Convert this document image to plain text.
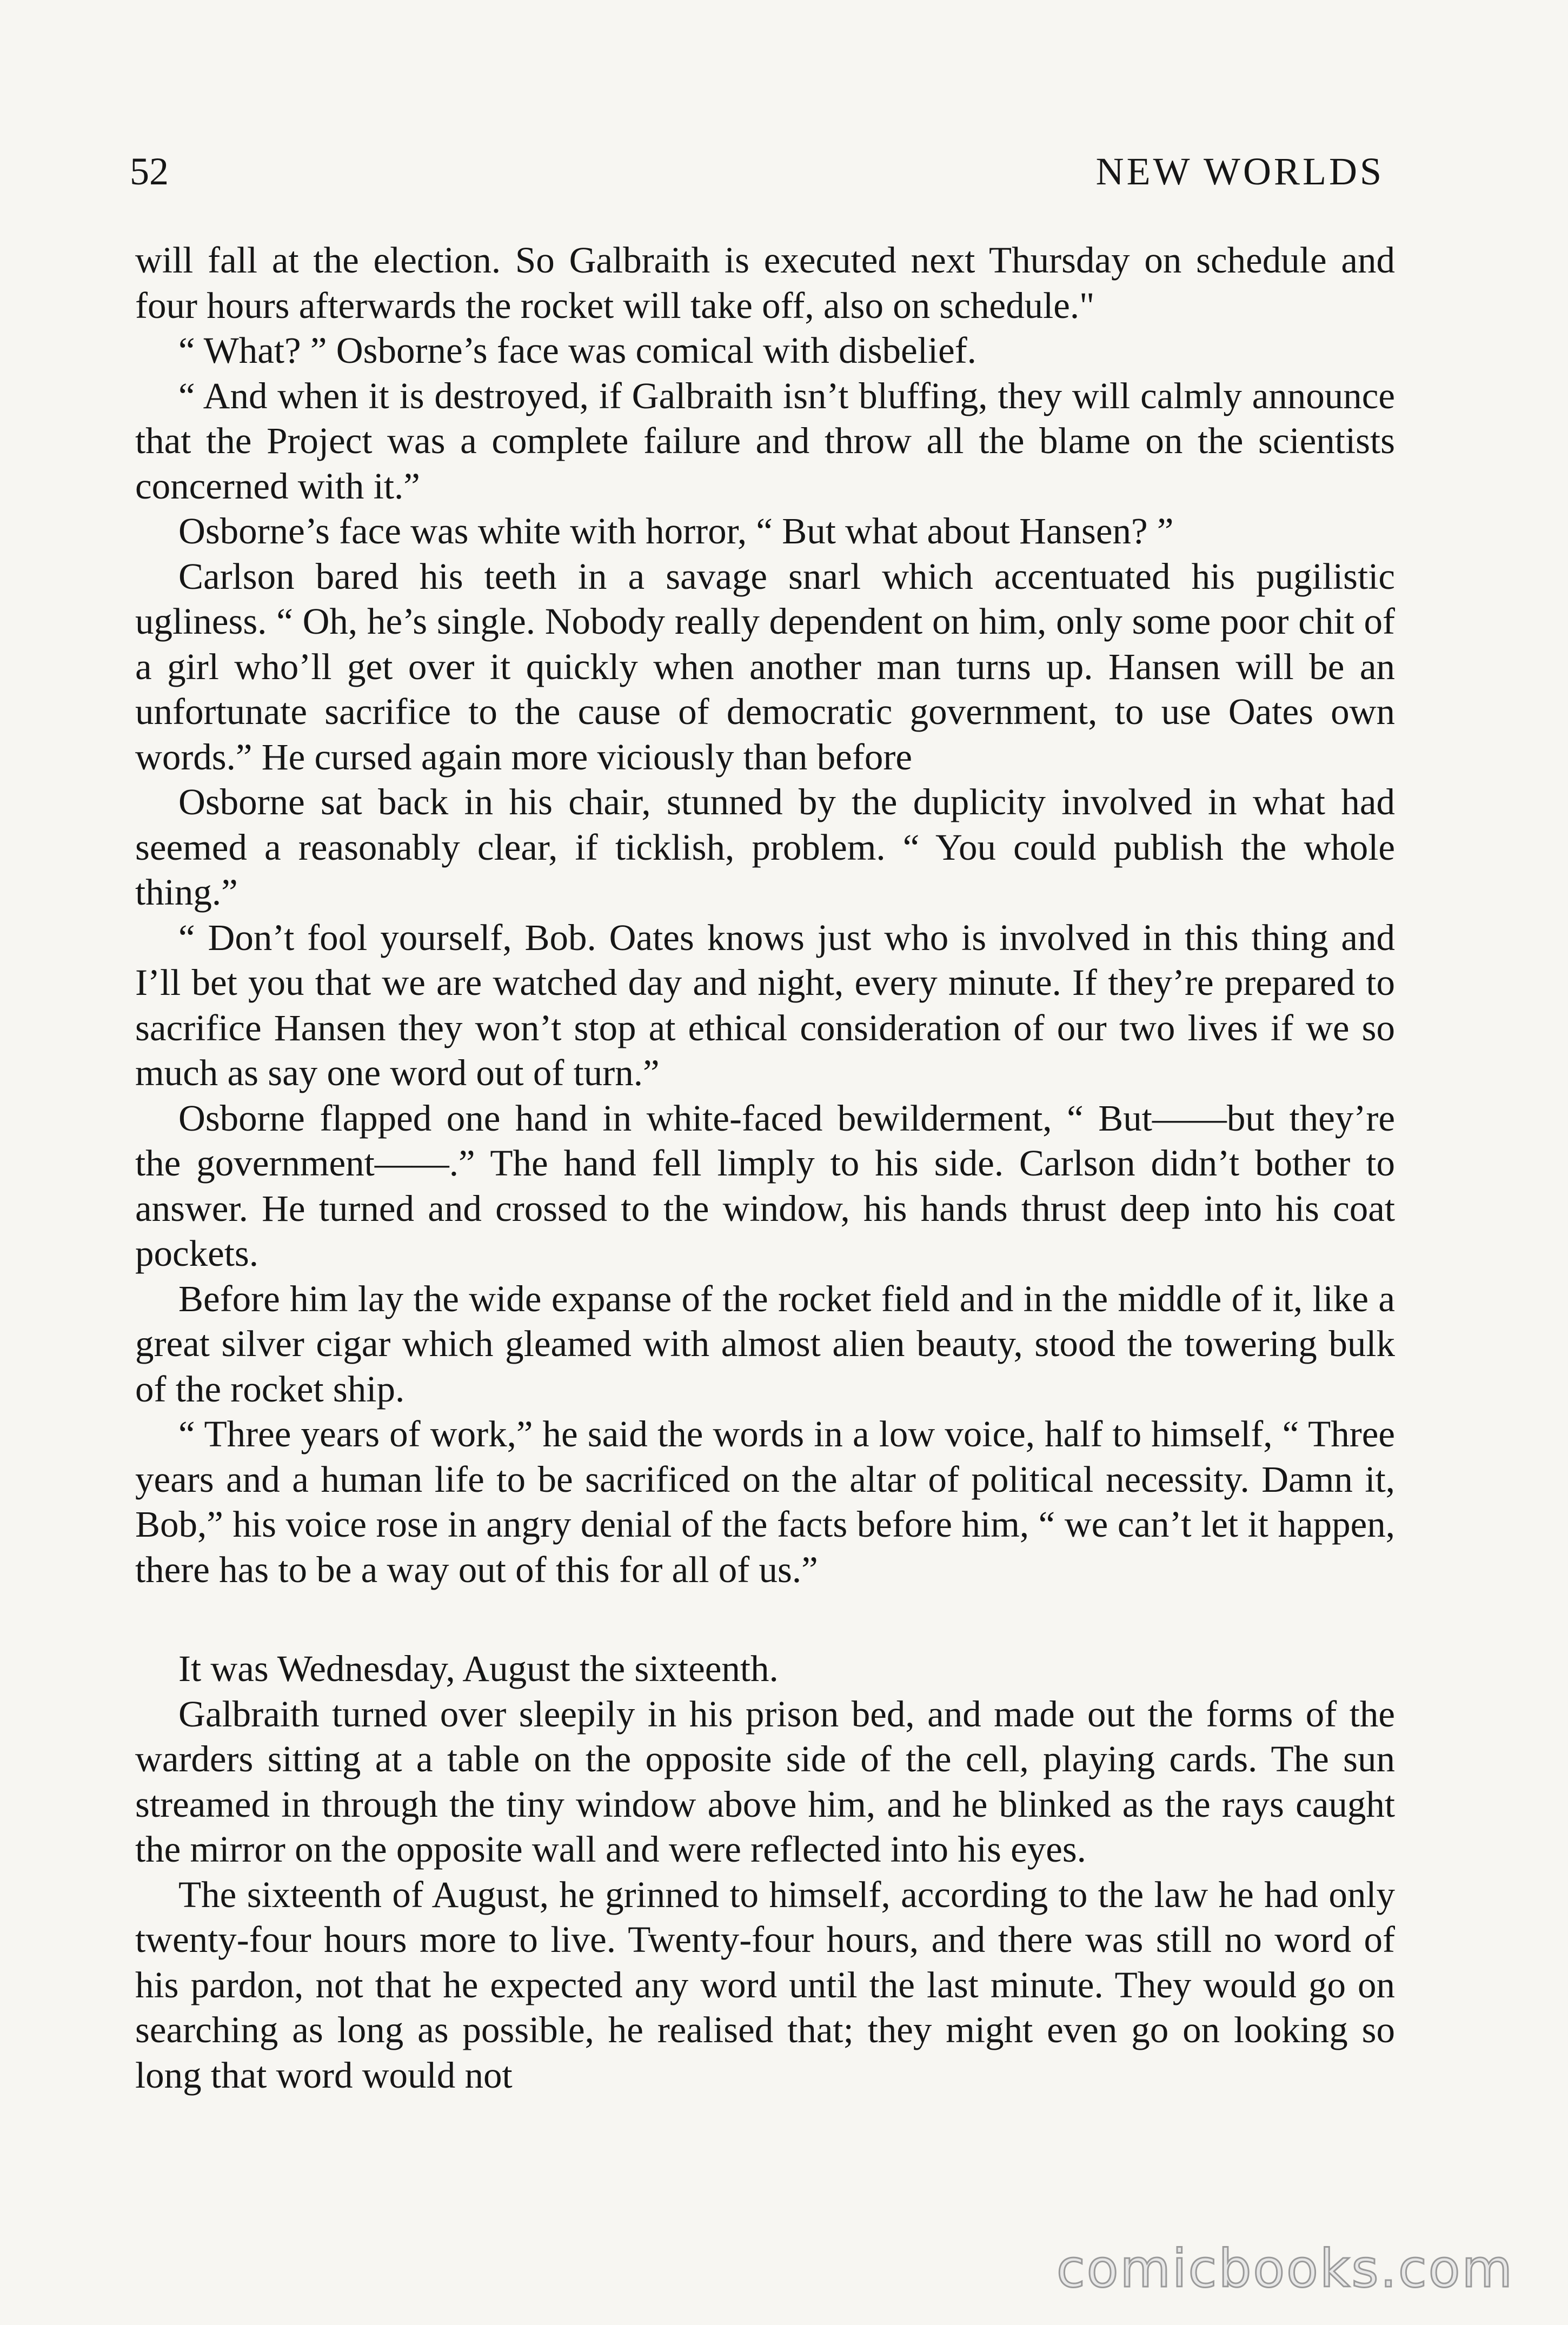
52	NEW WORLDS

will fall at the election. So Galbraith is executed next Thursday on schedule and four hours afterwards the rocket will take off, also on schedule."

“ What? ” Osborne’s face was comical with disbelief.

“ And when it is destroyed, if Galbraith isn’t bluffing, they will calmly announce that the Project was a complete failure and throw all the blame on the scientists concerned with it.”

Osborne’s face was white with horror, “ But what about Hansen? ”

Carlson bared his teeth in a savage snarl which accentuated his pugilistic ugliness. “ Oh, he’s single. Nobody really dependent on him, only some poor chit of a girl who’ll get over it quickly when another man turns up. Hansen will be an unfortunate sacrifice to the cause of democratic government, to use Oates own words.” He cursed again more viciously than before

Osborne sat back in his chair, stunned by the duplicity involved in what had seemed a reasonably clear, if ticklish, problem. “ You could publish the whole thing.”

“ Don’t fool yourself, Bob. Oates knows just who is involved in this thing and I’ll bet you that we are watched day and night, every minute. If they’re prepared to sacrifice Hansen they won’t stop at ethical consideration of our two lives if we so much as say one word out of turn.”

Osborne flapped one hand in white-faced bewilderment, “ But——but they’re the government——.” The hand fell limply to his side. Carlson didn’t bother to answer. He turned and crossed to the window, his hands thrust deep into his coat pockets.

Before him lay the wide expanse of the rocket field and in the middle of it, like a great silver cigar which gleamed with almost alien beauty, stood the towering bulk of the rocket ship.

“ Three years of work,” he said the words in a low voice, half to himself, “ Three years and a human life to be sacrificed on the altar of political necessity. Damn it, Bob,” his voice rose in angry denial of the facts before him, “ we can’t let it happen, there has to be a way out of this for all of us.”

It was Wednesday, August the sixteenth.

Galbraith turned over sleepily in his prison bed, and made out the forms of the warders sitting at a table on the opposite side of the cell, playing cards. The sun streamed in through the tiny window above him, and he blinked as the rays caught the mirror on the opposite wall and were reflected into his eyes.

The sixteenth of August, he grinned to himself, according to the law he had only twenty-four hours more to live. Twenty-four hours, and there was still no word of his pardon, not that he expected any word until the last minute. They would go on searching as long as possible, he realised that; they might even go on looking so long that word would not

comicbooks.com
